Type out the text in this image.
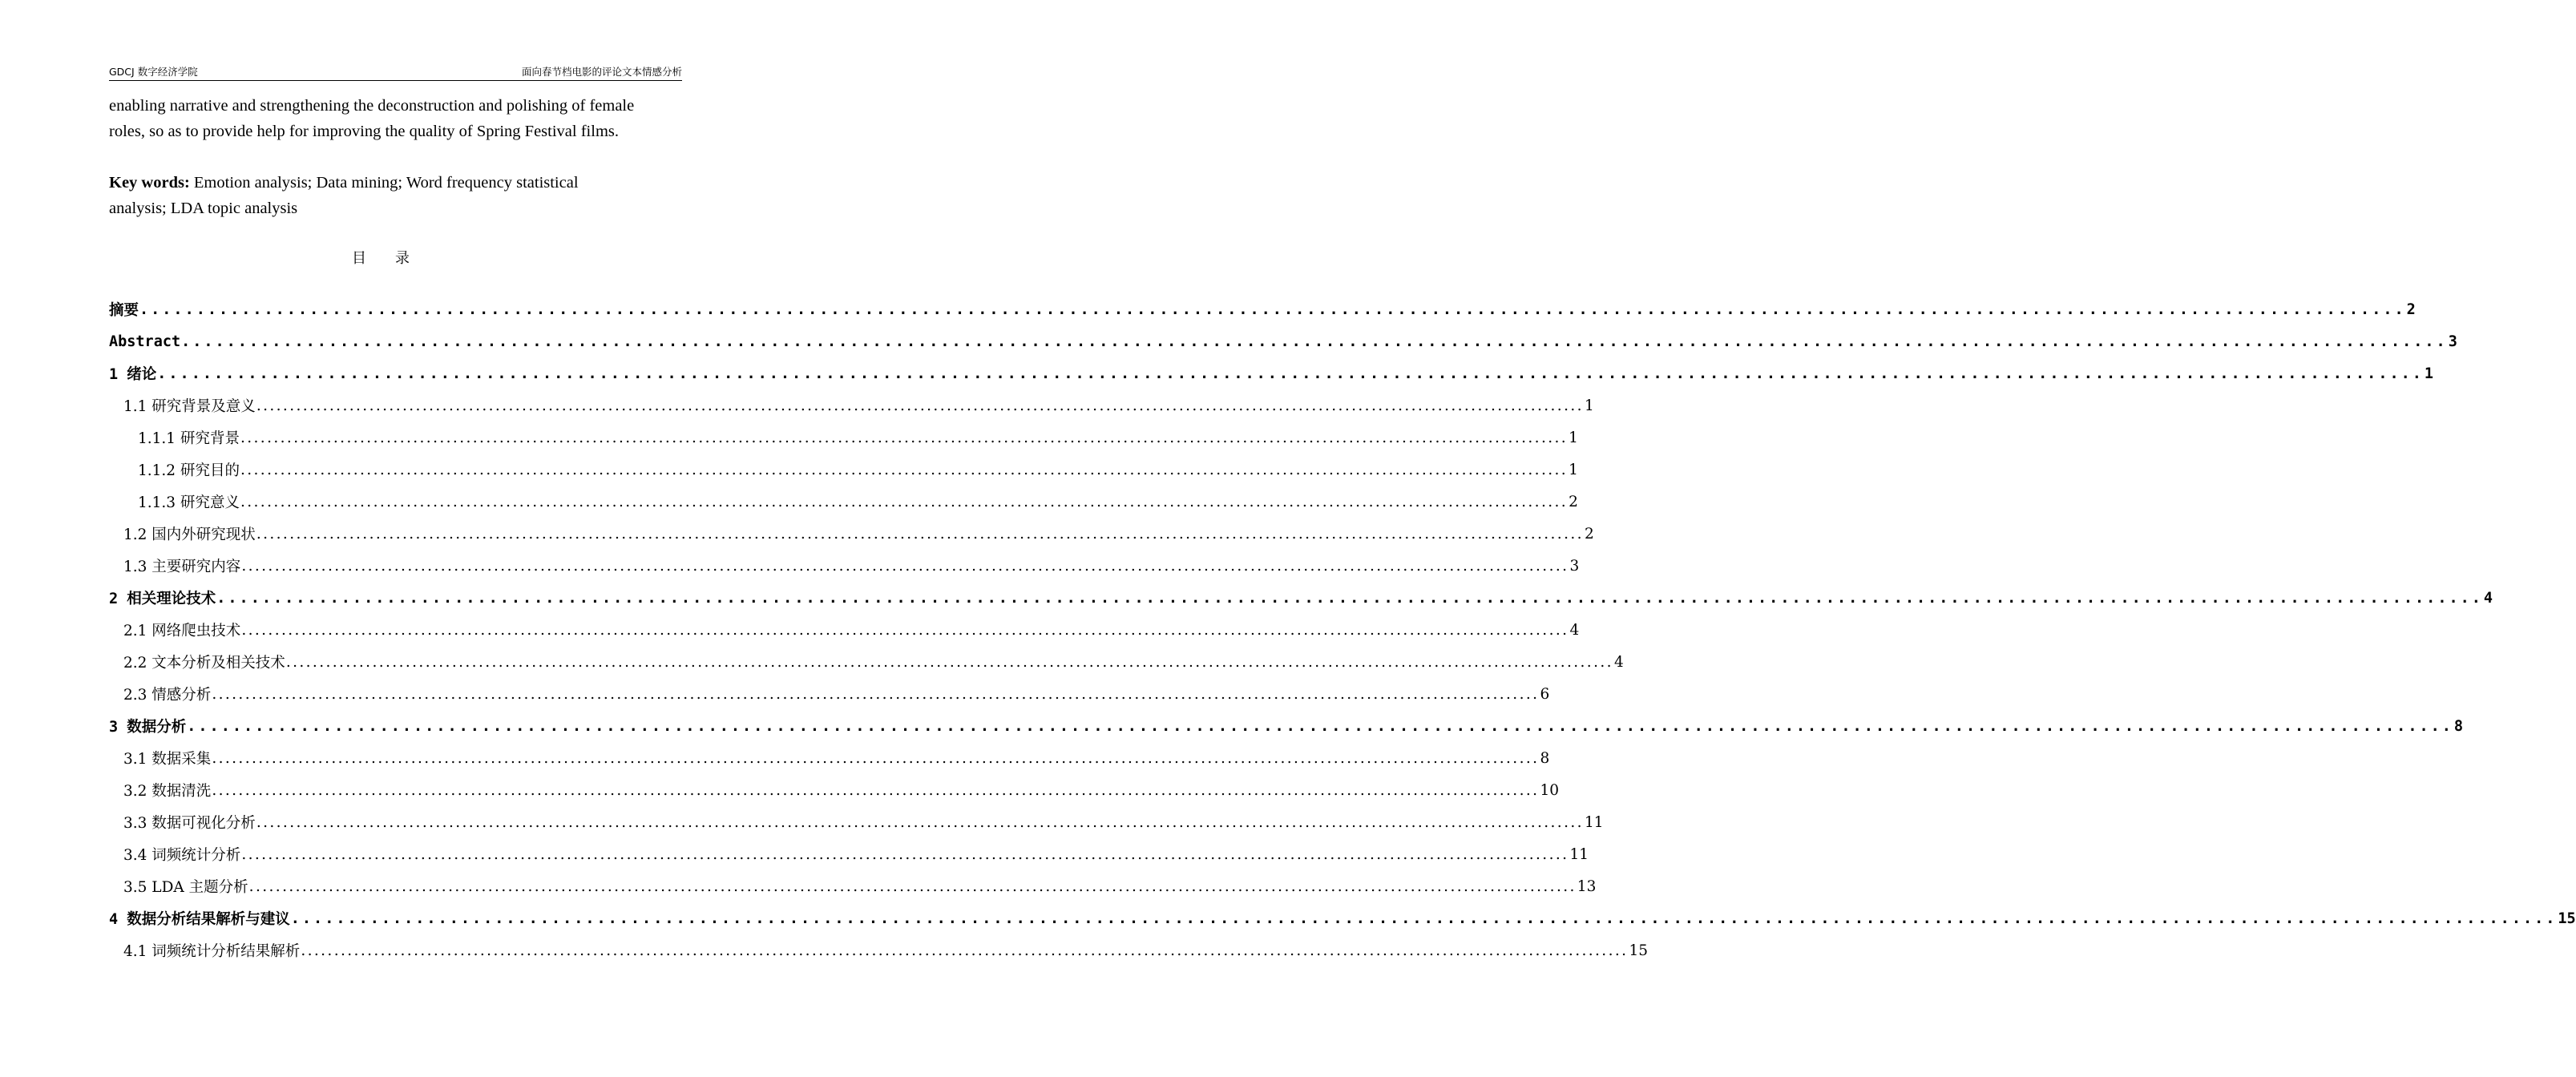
GDCJ 数字经济学院	面向春节档电影的评论文本情感分析
enabling narrative and strengthening the deconstruction and polishing of female
roles, so as to provide help for improving the quality of Spring Festival films.
Key words: Emotion analysis; Data mining; Word frequency statistical
analysis; LDA topic analysis
目录
摘要 ........................................................................................................................................................................................................ 2
Abstract ........................................................................................................................................................................................................ 3
1 绪论 ........................................................................................................................................................................................................ 1
1.1 研究背景及意义 ........................................................................................................................................................................................................ 1
1.1.1 研究背景 ........................................................................................................................................................................................................ 1
1.1.2 研究目的 ........................................................................................................................................................................................................ 1
1.1.3 研究意义 ........................................................................................................................................................................................................ 2
1.2 国内外研究现状 ........................................................................................................................................................................................................ 2
1.3 主要研究内容 ........................................................................................................................................................................................................ 3
2 相关理论技术 ........................................................................................................................................................................................................ 4
2.1 网络爬虫技术 ........................................................................................................................................................................................................ 4
2.2 文本分析及相关技术 ........................................................................................................................................................................................................ 4
2.3 情感分析 ........................................................................................................................................................................................................ 6
3 数据分析 ........................................................................................................................................................................................................ 8
3.1 数据采集 ........................................................................................................................................................................................................ 8
3.2 数据清洗 ........................................................................................................................................................................................................ 10
3.3 数据可视化分析 ........................................................................................................................................................................................................ 11
3.4 词频统计分析 ........................................................................................................................................................................................................ 11
3.5 LDA 主题分析 ........................................................................................................................................................................................................ 13
4 数据分析结果解析与建议 ........................................................................................................................................................................................................ 15
4.1 词频统计分析结果解析 ........................................................................................................................................................................................................ 15
